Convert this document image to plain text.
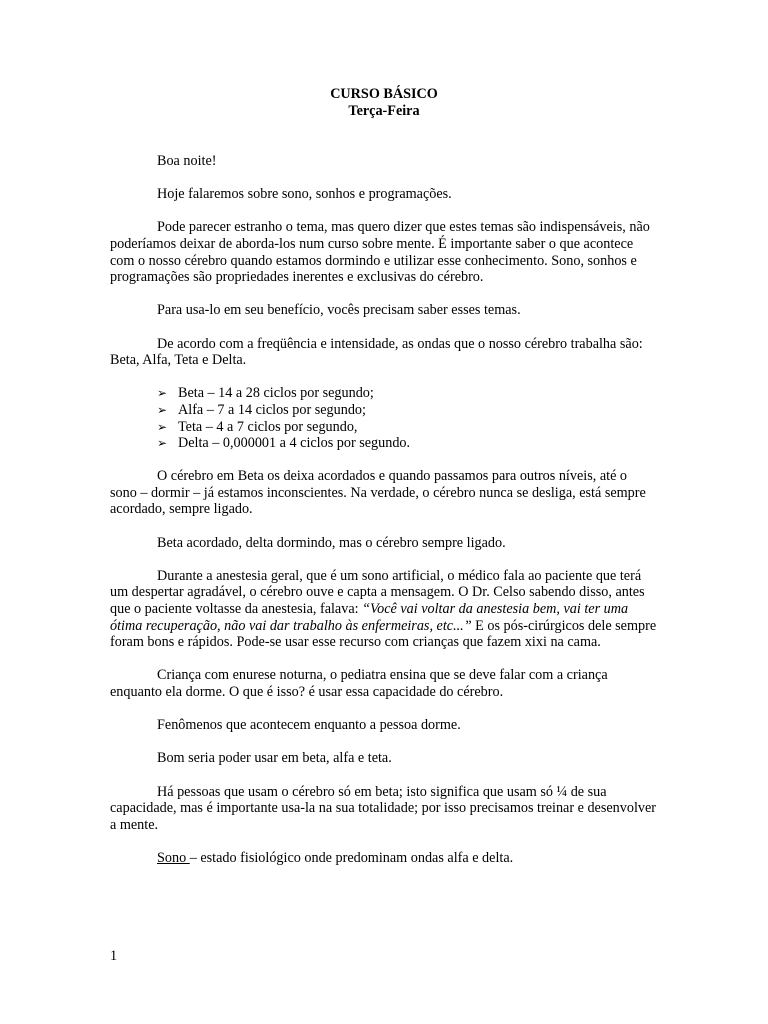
CURSO BÁSICO
Terça-Feira

Boa noite!

Hoje falaremos sobre sono, sonhos e programações.

Pode parecer estranho o tema, mas quero dizer que estes temas são indispensáveis, não poderíamos deixar de aborda-los num curso sobre mente. É importante saber o que acontece com o nosso cérebro quando estamos dormindo e utilizar esse conhecimento. Sono, sonhos e programações são propriedades inerentes e exclusivas do cérebro.

Para usa-lo em seu benefício, vocês precisam saber esses temas.

De acordo com a freqüência e intensidade, as ondas que o nosso cérebro trabalha são: Beta, Alfa, Teta e Delta.

➢ Beta – 14 a 28 ciclos por segundo;
➢ Alfa – 7 a 14 ciclos por segundo;
➢ Teta – 4 a 7 ciclos por segundo,
➢ Delta – 0,000001 a 4 ciclos por segundo.

O cérebro em Beta os deixa acordados e quando passamos para outros níveis, até o

sono – dormir – já estamos inconscientes. Na verdade, o cérebro nunca se desliga, está sempre acordado, sempre ligado.

Beta acordado, delta dormindo, mas o cérebro sempre ligado.

Durante a anestesia geral, que é um sono artificial, o médico fala ao paciente que terá um despertar agradável, o cérebro ouve e capta a mensagem. O Dr. Celso sabendo disso, antes que o paciente voltasse da anestesia, falava: “Você vai voltar da anestesia bem, vai ter uma ótima recuperação, não vai dar trabalho às enfermeiras, etc...” E os pós-cirúrgicos dele sempre foram bons e rápidos. Pode-se usar esse recurso com crianças que fazem xixi na cama.

Criança com enurese noturna, o pediatra ensina que se deve falar com a criança enquanto ela dorme. O que é isso? é usar essa capacidade do cérebro.

Fenômenos que acontecem enquanto a pessoa dorme.

Bom seria poder usar em beta, alfa e teta.

Há pessoas que usam o cérebro só em beta; isto significa que usam só ¼ de sua capacidade, mas é importante usa-la na sua totalidade; por isso precisamos treinar e desenvolver a mente.

Sono – estado fisiológico onde predominam ondas alfa e delta.

1
